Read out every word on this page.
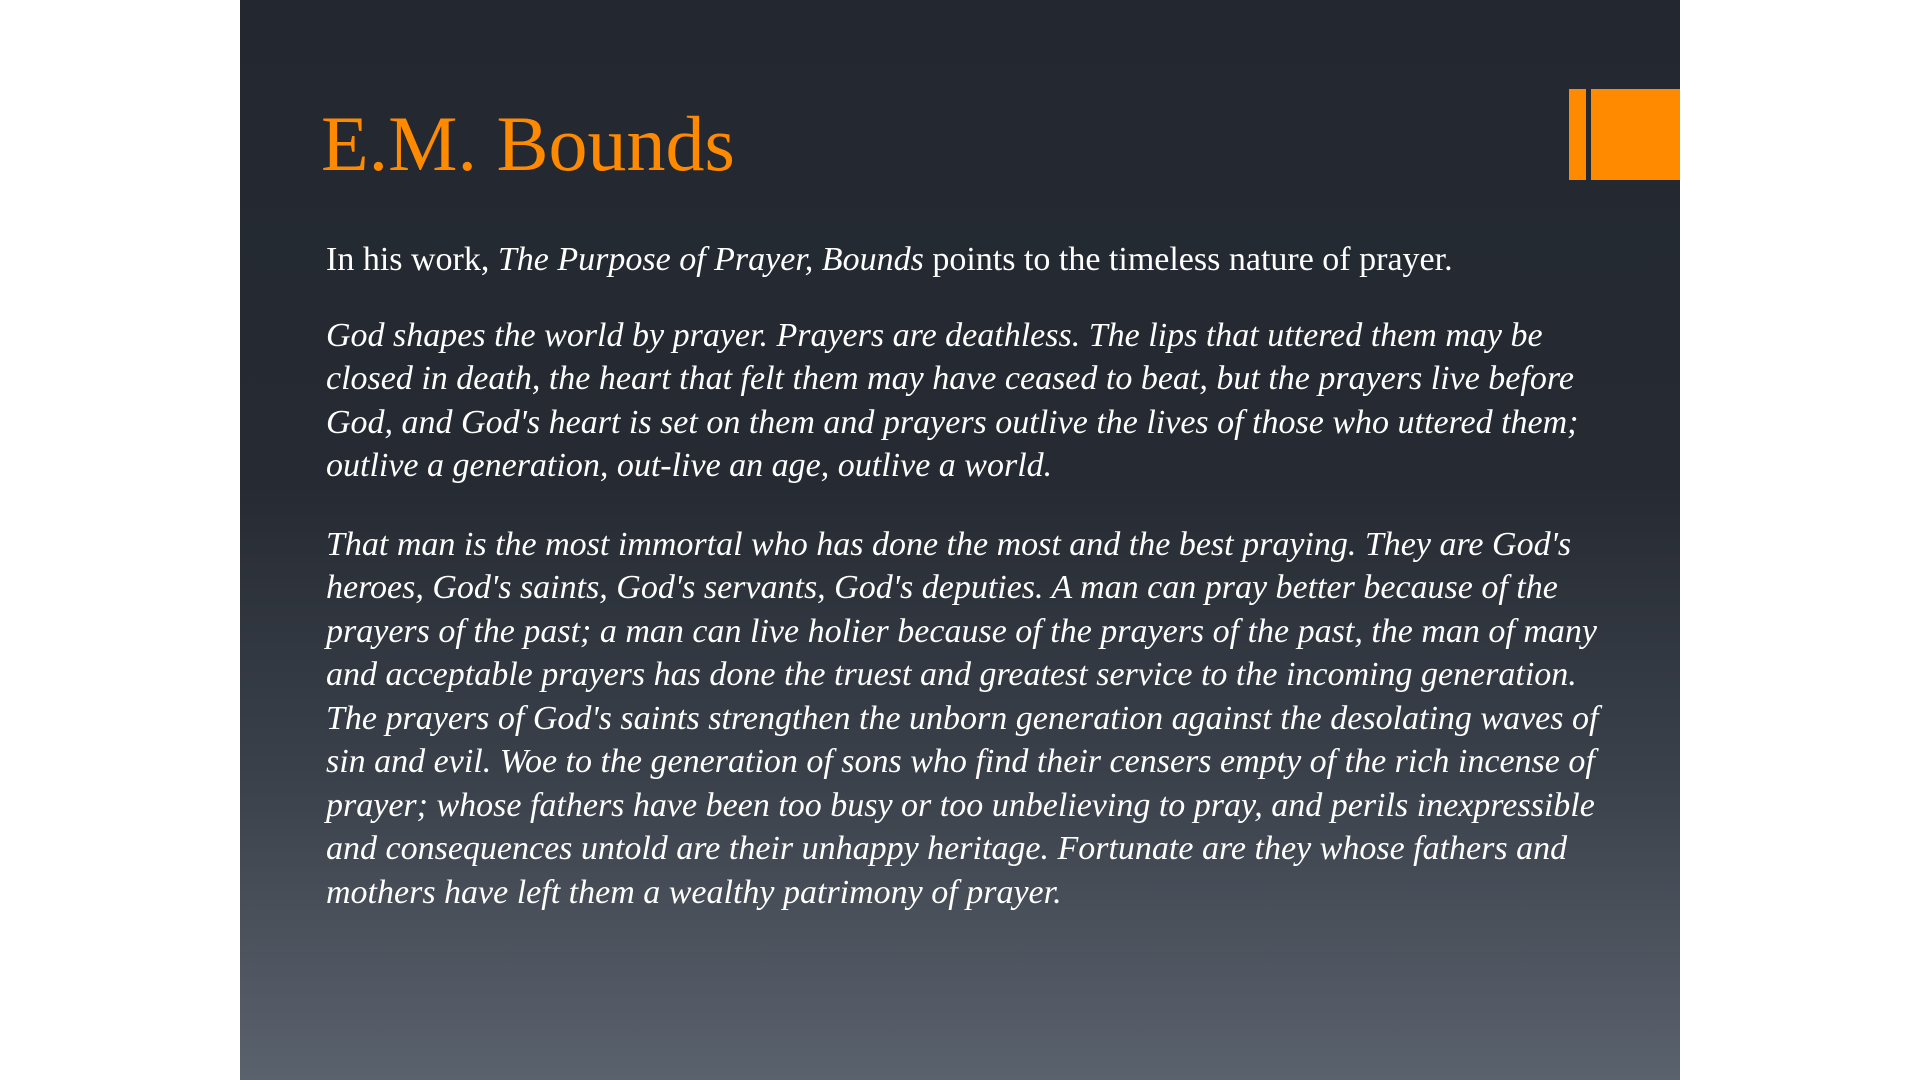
E.M. Bounds

In his work, The Purpose of Prayer, Bounds points to the timeless nature of prayer.

God shapes the world by prayer. Prayers are deathless. The lips that uttered them may be closed in death, the heart that felt them may have ceased to beat, but the prayers live before God, and God's heart is set on them and prayers outlive the lives of those who uttered them; outlive a generation, out-live an age, outlive a world.

That man is the most immortal who has done the most and the best praying. They are God's heroes, God's saints, God's servants, God's deputies. A man can pray better because of the prayers of the past; a man can live holier because of the prayers of the past, the man of many and acceptable prayers has done the truest and greatest service to the incoming generation. The prayers of God's saints strengthen the unborn generation against the desolating waves of sin and evil. Woe to the generation of sons who find their censers empty of the rich incense of prayer; whose fathers have been too busy or too unbelieving to pray, and perils inexpressible and consequences untold are their unhappy heritage. Fortunate are they whose fathers and mothers have left them a wealthy patrimony of prayer.
